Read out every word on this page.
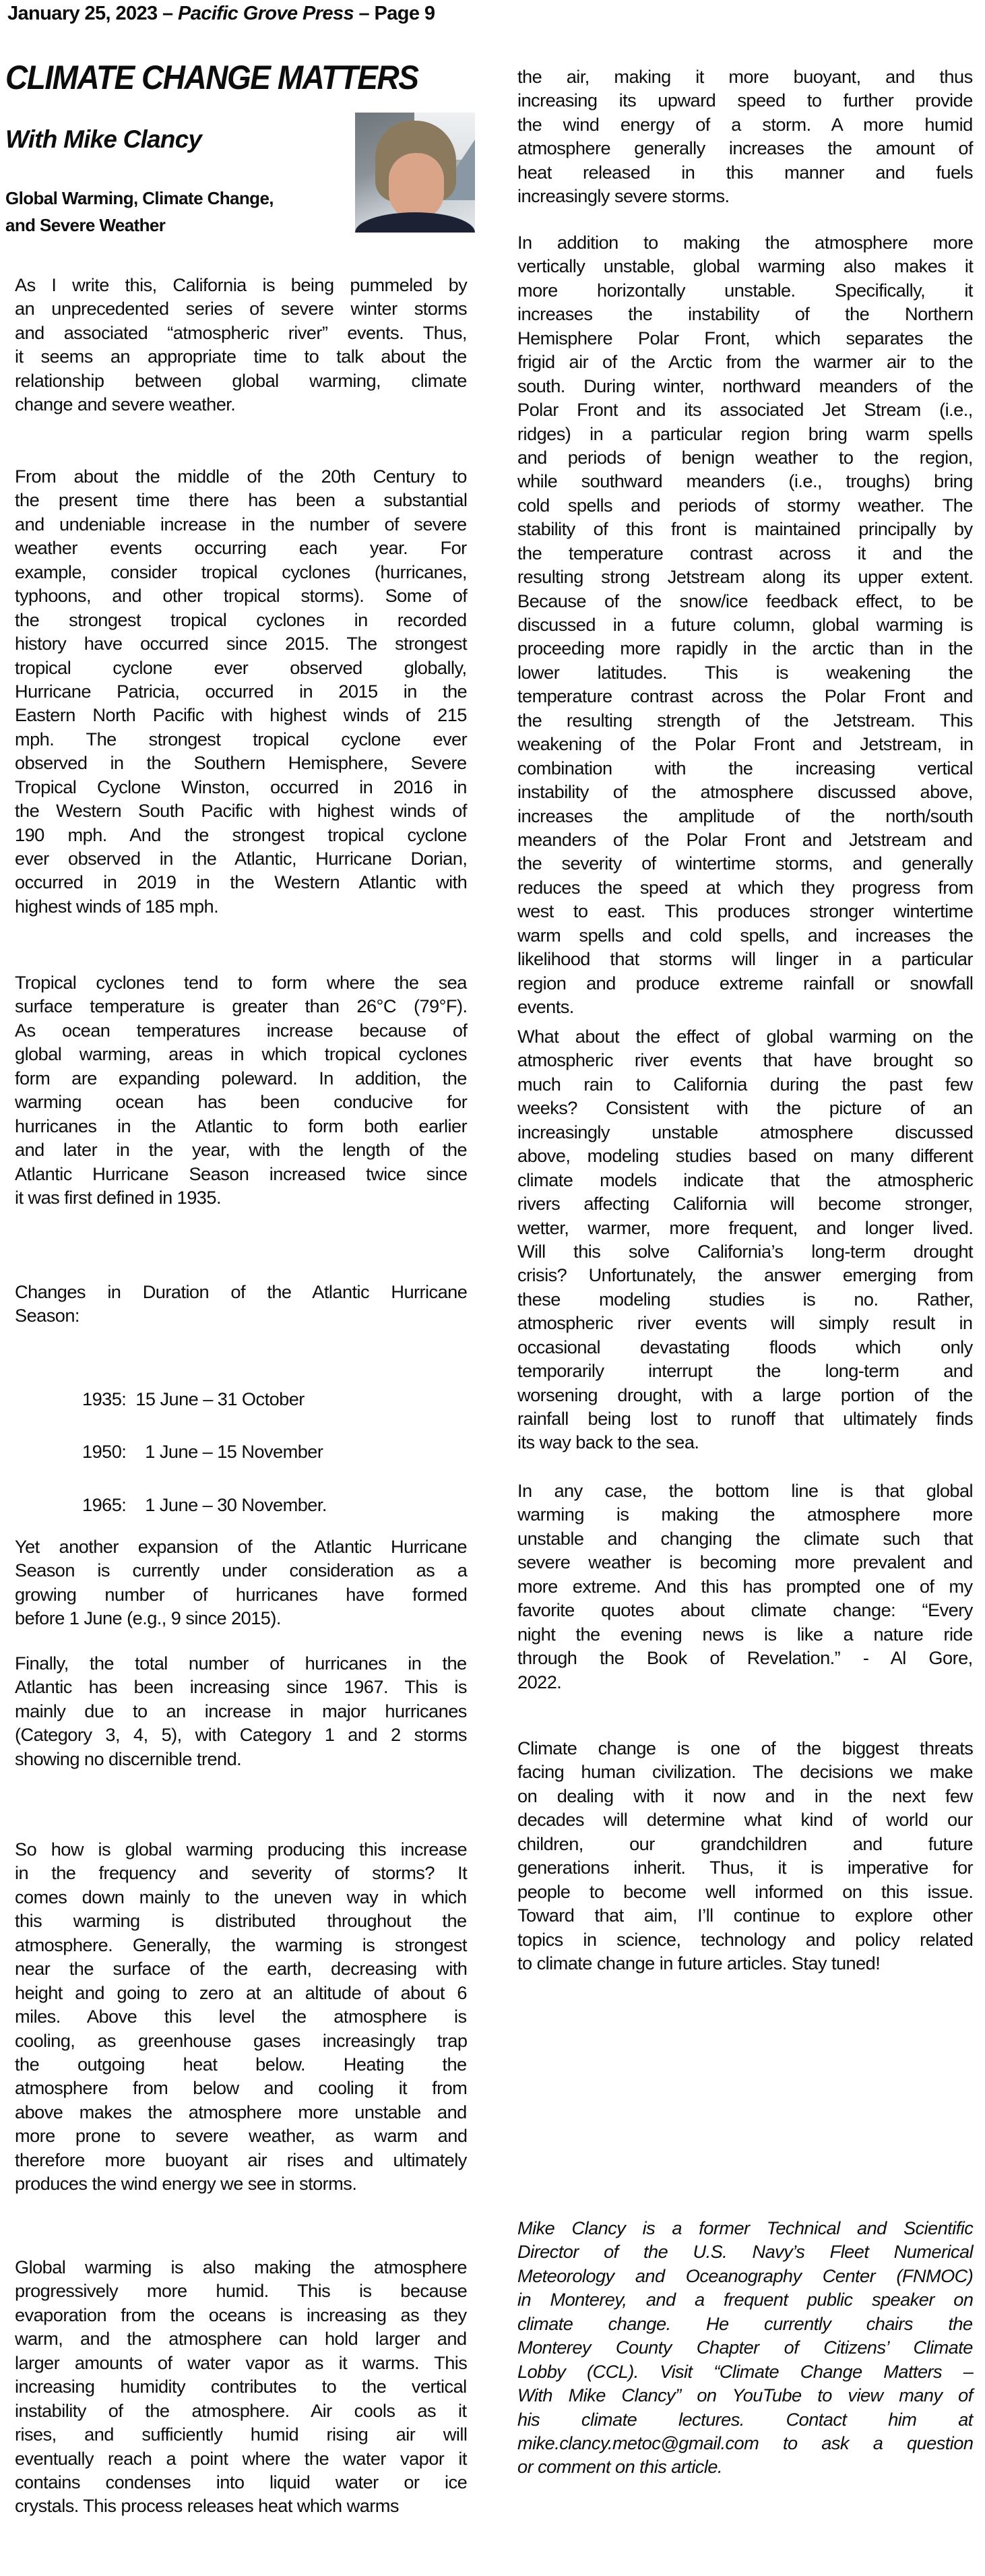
January 25, 2023 – Pacific Grove Press – Page 9
CLIMATE CHANGE MATTERS
With Mike Clancy
Global Warming, Climate Change,
and Severe Weather
As I write this, California is being pummeled by
an unprecedented series of severe winter storms
and associated “atmospheric river” events. Thus,
it seems an appropriate time to talk about the
relationship between global warming, climate
change and severe weather.
From about the middle of the 20th Century to
the present time there has been a substantial
and undeniable increase in the number of severe
weather events occurring each year. For
example, consider tropical cyclones (hurricanes,
typhoons, and other tropical storms). Some of
the strongest tropical cyclones in recorded
history have occurred since 2015. The strongest
tropical cyclone ever observed globally,
Hurricane Patricia, occurred in 2015 in the
Eastern North Pacific with highest winds of 215
mph. The strongest tropical cyclone ever
observed in the Southern Hemisphere, Severe
Tropical Cyclone Winston, occurred in 2016 in
the Western South Pacific with highest winds of
190 mph. And the strongest tropical cyclone
ever observed in the Atlantic, Hurricane Dorian,
occurred in 2019 in the Western Atlantic with
highest winds of 185 mph.
Tropical cyclones tend to form where the sea
surface temperature is greater than 26°C (79°F).
As ocean temperatures increase because of
global warming, areas in which tropical cyclones
form are expanding poleward. In addition, the
warming ocean has been conducive for
hurricanes in the Atlantic to form both earlier
and later in the year, with the length of the
Atlantic Hurricane Season increased twice since
it was first defined in 1935.
Changes in Duration of the Atlantic Hurricane
Season:
1935:  15 June – 31 October
1950:    1 June – 15 November
1965:    1 June – 30 November.
Yet another expansion of the Atlantic Hurricane
Season is currently under consideration as a
growing number of hurricanes have formed
before 1 June (e.g., 9 since 2015).
Finally, the total number of hurricanes in the
Atlantic has been increasing since 1967. This is
mainly due to an increase in major hurricanes
(Category 3, 4, 5), with Category 1 and 2 storms
showing no discernible trend.
So how is global warming producing this increase
in the frequency and severity of storms? It
comes down mainly to the uneven way in which
this warming is distributed throughout the
atmosphere. Generally, the warming is strongest
near the surface of the earth, decreasing with
height and going to zero at an altitude of about 6
miles. Above this level the atmosphere is
cooling, as greenhouse gases increasingly trap
the outgoing heat below. Heating the
atmosphere from below and cooling it from
above makes the atmosphere more unstable and
more prone to severe weather, as warm and
therefore more buoyant air rises and ultimately
produces the wind energy we see in storms.
Global warming is also making the atmosphere
progressively more humid. This is because
evaporation from the oceans is increasing as they
warm, and the atmosphere can hold larger and
larger amounts of water vapor as it warms. This
increasing humidity contributes to the vertical
instability of the atmosphere. Air cools as it
rises, and sufficiently humid rising air will
eventually reach a point where the water vapor it
contains condenses into liquid water or ice
crystals. This process releases heat which warms
the air, making it more buoyant, and thus
increasing its upward speed to further provide
the wind energy of a storm. A more humid
atmosphere generally increases the amount of
heat released in this manner and fuels
increasingly severe storms.
In addition to making the atmosphere more
vertically unstable, global warming also makes it
more horizontally unstable. Specifically, it
increases the instability of the Northern
Hemisphere Polar Front, which separates the
frigid air of the Arctic from the warmer air to the
south. During winter, northward meanders of the
Polar Front and its associated Jet Stream (i.e.,
ridges) in a particular region bring warm spells
and periods of benign weather to the region,
while southward meanders (i.e., troughs) bring
cold spells and periods of stormy weather. The
stability of this front is maintained principally by
the temperature contrast across it and the
resulting strong Jetstream along its upper extent.
Because of the snow/ice feedback effect, to be
discussed in a future column, global warming is
proceeding more rapidly in the arctic than in the
lower latitudes. This is weakening the
temperature contrast across the Polar Front and
the resulting strength of the Jetstream. This
weakening of the Polar Front and Jetstream, in
combination with the increasing vertical
instability of the atmosphere discussed above,
increases the amplitude of the north/south
meanders of the Polar Front and Jetstream and
the severity of wintertime storms, and generally
reduces the speed at which they progress from
west to east. This produces stronger wintertime
warm spells and cold spells, and increases the
likelihood that storms will linger in a particular
region and produce extreme rainfall or snowfall
events.
What about the effect of global warming on the
atmospheric river events that have brought so
much rain to California during the past few
weeks? Consistent with the picture of an
increasingly unstable atmosphere discussed
above, modeling studies based on many different
climate models indicate that the atmospheric
rivers affecting California will become stronger,
wetter, warmer, more frequent, and longer lived.
Will this solve California’s long-term drought
crisis? Unfortunately, the answer emerging from
these modeling studies is no. Rather,
atmospheric river events will simply result in
occasional devastating floods which only
temporarily interrupt the long-term and
worsening drought, with a large portion of the
rainfall being lost to runoff that ultimately finds
its way back to the sea.
In any case, the bottom line is that global
warming is making the atmosphere more
unstable and changing the climate such that
severe weather is becoming more prevalent and
more extreme. And this has prompted one of my
favorite quotes about climate change: “Every
night the evening news is like a nature ride
through the Book of Revelation.” - Al Gore,
2022.
Climate change is one of the biggest threats
facing human civilization. The decisions we make
on dealing with it now and in the next few
decades will determine what kind of world our
children, our grandchildren and future
generations inherit. Thus, it is imperative for
people to become well informed on this issue.
Toward that aim, I’ll continue to explore other
topics in science, technology and policy related
to climate change in future articles. Stay tuned!
Mike Clancy is a former Technical and Scientific
Director of the U.S. Navy’s Fleet Numerical
Meteorology and Oceanography Center (FNMOC)
in Monterey, and a frequent public speaker on
climate change. He currently chairs the
Monterey County Chapter of Citizens’ Climate
Lobby (CCL). Visit “Climate Change Matters –
With Mike Clancy” on YouTube to view many of
his climate lectures. Contact him at
mike.clancy.metoc@gmail.com to ask a question
or comment on this article.
